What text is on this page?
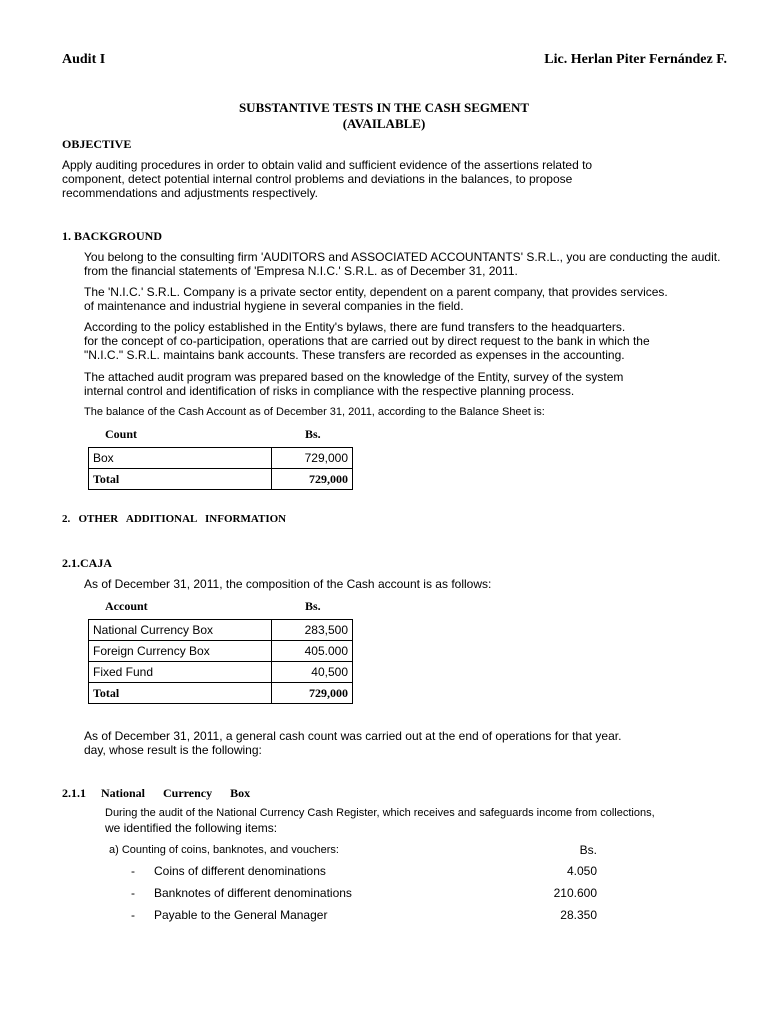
Audit I	Lic. Herlan Piter Fernández F.
SUBSTANTIVE TESTS IN THE CASH SEGMENT
(AVAILABLE)
OBJECTIVE
Apply auditing procedures in order to obtain valid and sufficient evidence of the assertions related to
component, detect potential internal control problems and deviations in the balances, to propose
recommendations and adjustments respectively.
1. BACKGROUND
You belong to the consulting firm 'AUDITORS and ASSOCIATED ACCOUNTANTS' S.R.L., you are conducting the audit.
from the financial statements of 'Empresa N.I.C.' S.R.L. as of December 31, 2011.
The 'N.I.C.' S.R.L. Company is a private sector entity, dependent on a parent company, that provides services.
of maintenance and industrial hygiene in several companies in the field.
According to the policy established in the Entity's bylaws, there are fund transfers to the headquarters.
for the concept of co-participation, operations that are carried out by direct request to the bank in which the
"N.I.C." S.R.L. maintains bank accounts. These transfers are recorded as expenses in the accounting.
The attached audit program was prepared based on the knowledge of the Entity, survey of the system
internal control and identification of risks in compliance with the respective planning process.
The balance of the Cash Account as of December 31, 2011, according to the Balance Sheet is:
Count	Bs.
Box	729,000
Total	729,000
2.   OTHER   ADDITIONAL   INFORMATION
2.1.CAJA
As of December 31, 2011, the composition of the Cash account is as follows:
Account	Bs.
National Currency Box	283,500
Foreign Currency Box	405.000
Fixed Fund	40,500
Total	729,000
As of December 31, 2011, a general cash count was carried out at the end of operations for that year.
day, whose result is the following:
2.1.1     National      Currency      Box
During the audit of the National Currency Cash Register, which receives and safeguards income from collections,
we identified the following items:
a) Counting of coins, banknotes, and vouchers:	Bs.
- Coins of different denominations	4.050
- Banknotes of different denominations	210.600
- Payable to the General Manager	28.350
